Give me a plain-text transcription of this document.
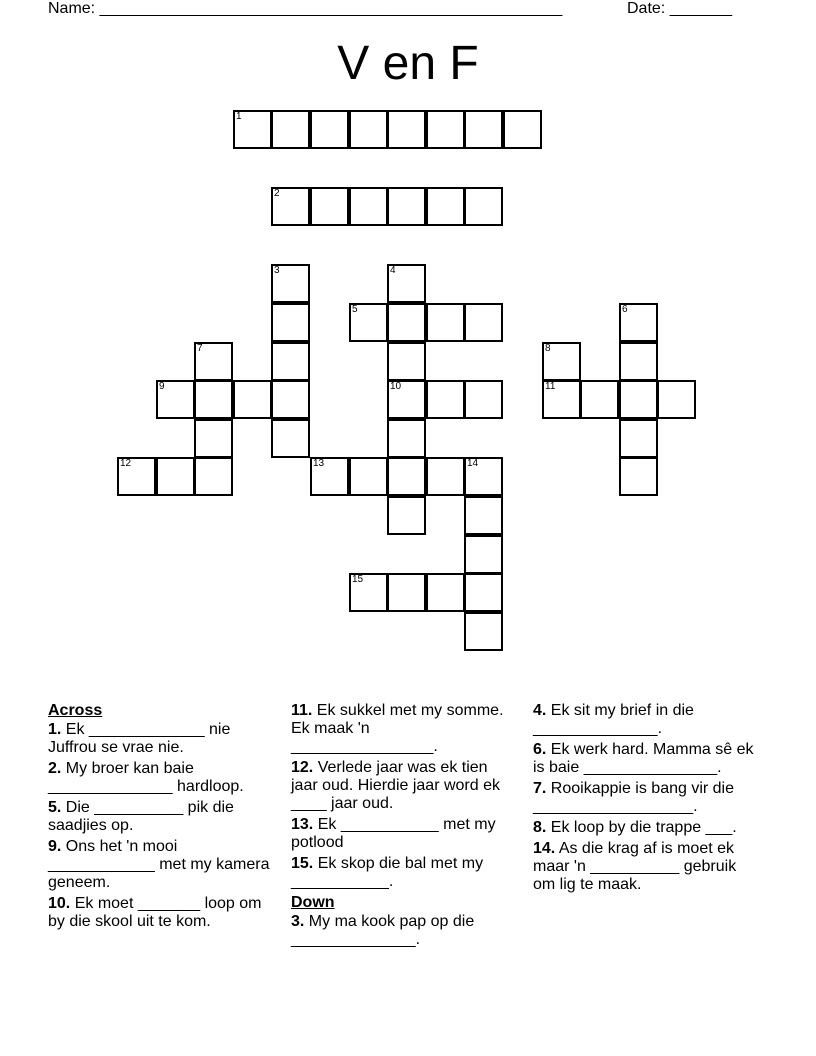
Name: ____________________________________________________	Date: _______
V en F
1
2
3	4
5	6
7	8
9	10	11
12	13	14
15
Across
1. Ek _____________ nie Juffrou se vrae nie.
2. My broer kan baie ______________ hardloop.
5. Die __________ pik die saadjies op.
9. Ons het 'n mooi ____________ met my kamera geneem.
10. Ek moet _______ loop om by die skool uit te kom.
11. Ek sukkel met my somme. Ek maak 'n ________________.
12. Verlede jaar was ek tien jaar oud. Hierdie jaar word ek ____ jaar oud.
13. Ek ___________ met my potlood
15. Ek skop die bal met my ___________.
Down
3. My ma kook pap op die ______________.
4. Ek sit my brief in die ______________.
6. Ek werk hard. Mamma sê ek is baie _______________.
7. Rooikappie is bang vir die __________________.
8. Ek loop by die trappe ___.
14. As die krag af is moet ek maar 'n __________ gebruik om lig te maak.
